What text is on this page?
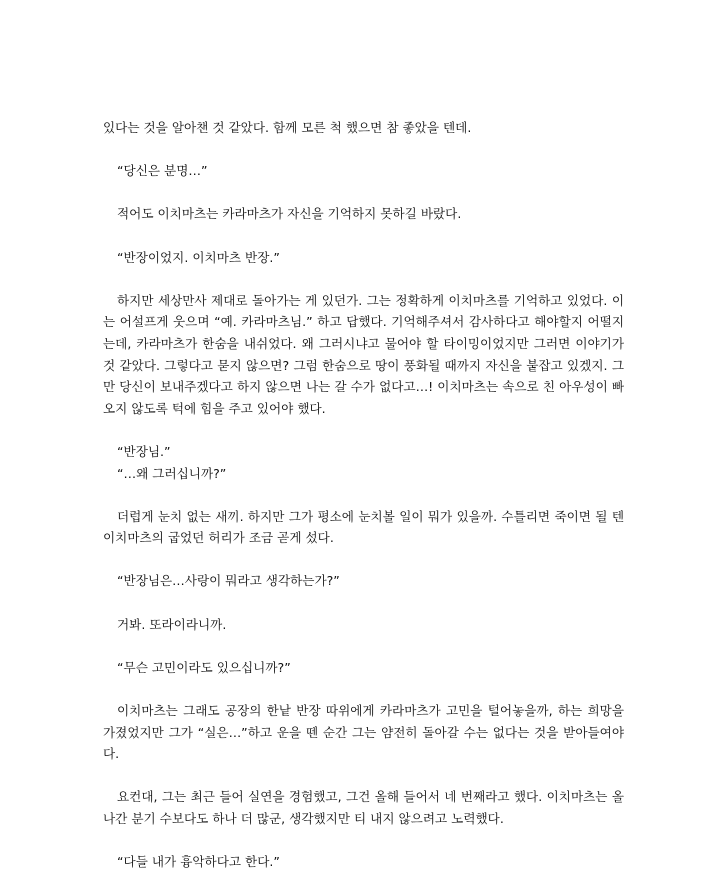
있다는 것을 알아챈 것 같았다. 함께 모른 척 했으면 참 좋았을 텐데.
“당신은 분명…”
적어도 이치마츠는 카라마츠가 자신을 기억하지 못하길 바랐다.
“반장이었지. 이치마츠 반장.”
하지만 세상만사 제대로 돌아가는 게 있던가. 그는 정확하게 이치마츠를 기억하고 있었다. 이
는 어설프게 웃으며 “예. 카라마츠님.” 하고 답했다. 기억해주셔서 감사하다고 해야할지 어떨지
는데, 카라마츠가 한숨을 내쉬었다. 왜 그러시냐고 물어야 할 타이밍이었지만 그러면 이야기가
것 같았다. 그렇다고 묻지 않으면? 그럼 한숨으로 땅이 풍화될 때까지 자신을 붙잡고 있겠지. 그
만 당신이 보내주겠다고 하지 않으면 나는 갈 수가 없다고…! 이치마츠는 속으로 친 아우성이 빠
오지 않도록 턱에 힘을 주고 있어야 했다.
“반장님.”
“…왜 그러십니까?”
더럽게 눈치 없는 새끼. 하지만 그가 평소에 눈치볼 일이 뭐가 있을까. 수틀리면 죽이면 될 텐
이치마츠의 굽었던 허리가 조금 곧게 섰다.
“반장님은…사랑이 뭐라고 생각하는가?”
거봐. 또라이라니까.
“무슨 고민이라도 있으십니까?”
이치마츠는 그래도 공장의 한낱 반장 따위에게 카라마츠가 고민을 털어놓을까, 하는 희망을
가졌었지만 그가 “실은…”하고 운을 뗀 순간 그는 얌전히 돌아갈 수는 없다는 것을 받아들여야
다.
요컨대, 그는 최근 들어 실연을 경험했고, 그건 올해 들어서 네 번째라고 했다. 이치마츠는 올
나간 분기 수보다도 하나 더 많군, 생각했지만 티 내지 않으려고 노력했다.
“다들 내가 흉악하다고 한다.”
